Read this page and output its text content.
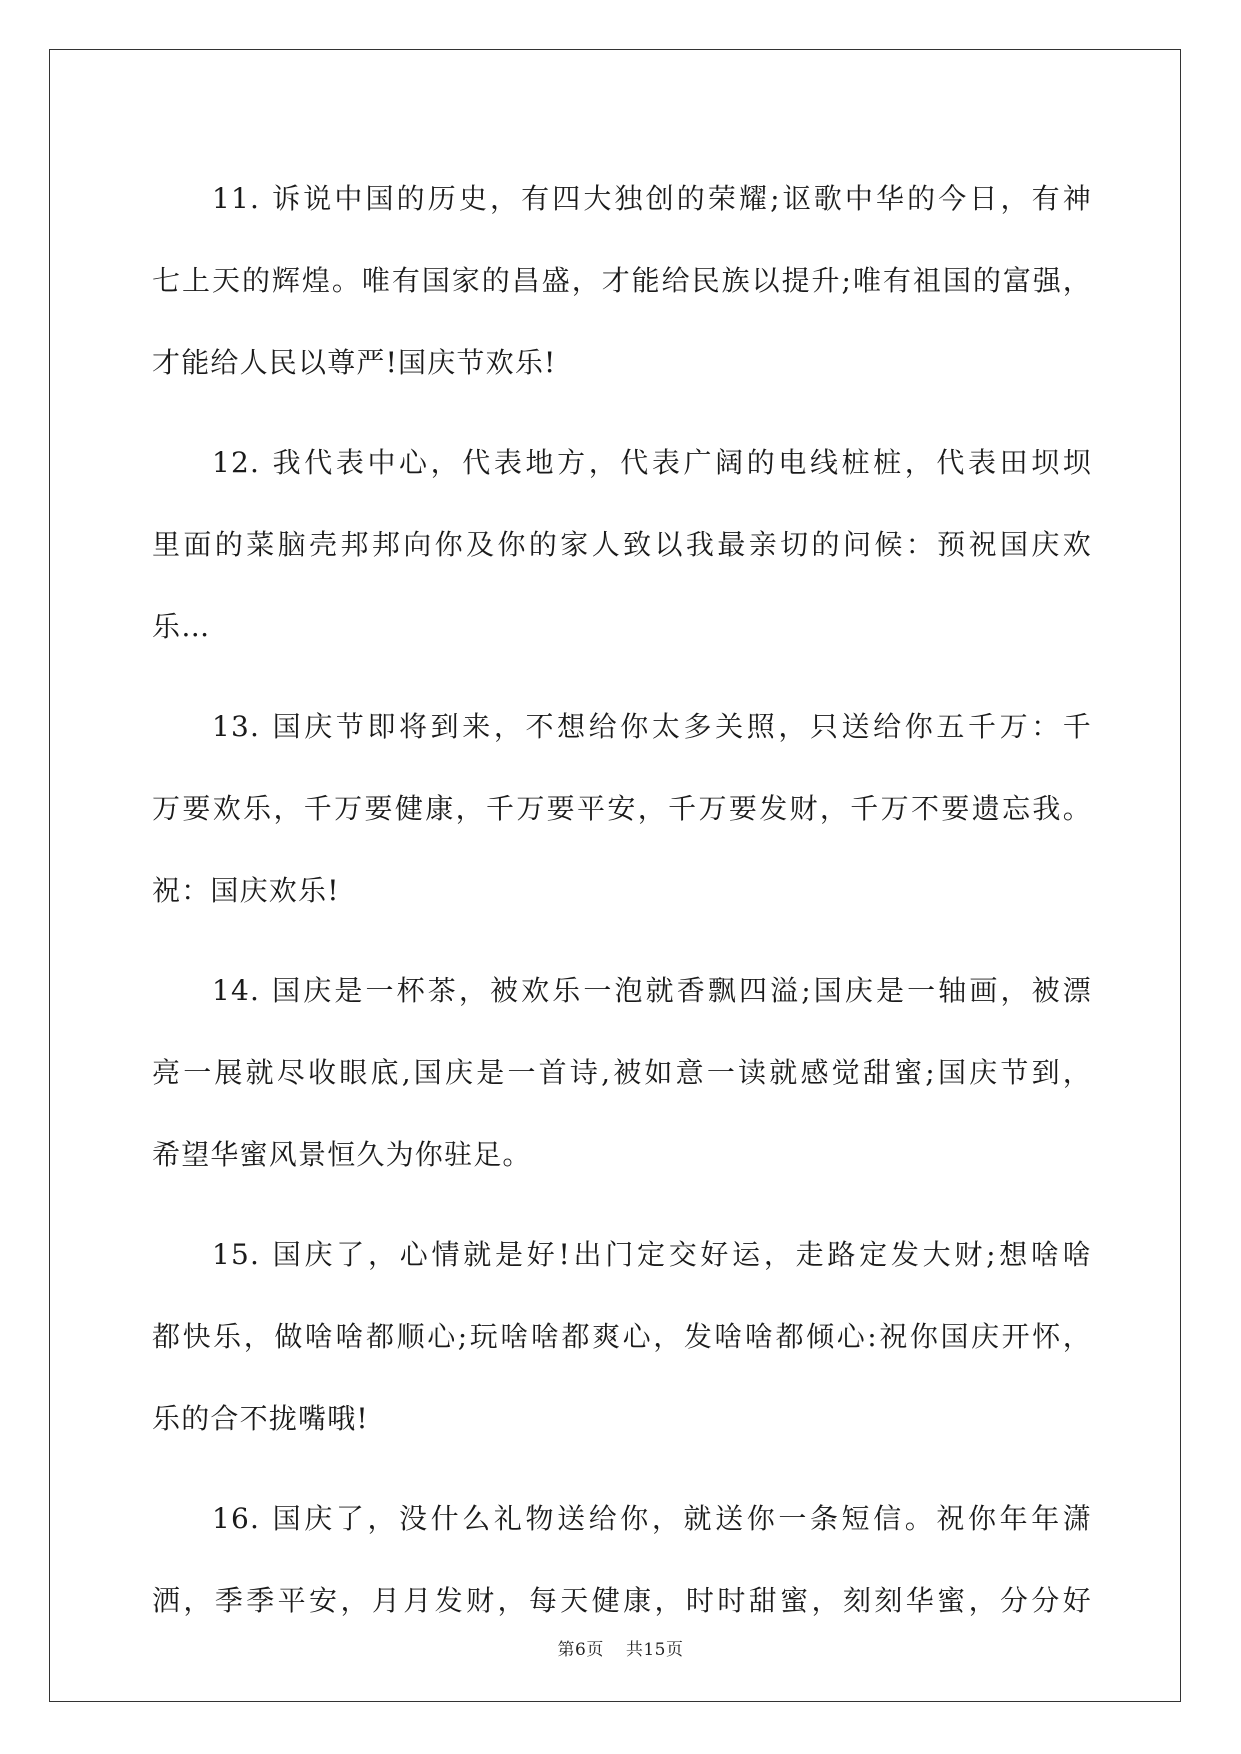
11. 诉说中国的历史，有四大独创的荣耀;讴歌中华的今日，有神
七上天的辉煌。唯有国家的昌盛，才能给民族以提升;唯有祖国的富强，
才能给人民以尊严!国庆节欢乐!
12. 我代表中心，代表地方，代表广阔的电线桩桩，代表田坝坝
里面的菜脑壳邦邦向你及你的家人致以我最亲切的问候：预祝国庆欢
乐…
13. 国庆节即将到来，不想给你太多关照，只送给你五千万：千
万要欢乐，千万要健康，千万要平安，千万要发财，千万不要遗忘我。
祝：国庆欢乐!
14. 国庆是一杯茶，被欢乐一泡就香飘四溢;国庆是一轴画，被漂
亮一展就尽收眼底,国庆是一首诗,被如意一读就感觉甜蜜;国庆节到，
希望华蜜风景恒久为你驻足。
15. 国庆了，心情就是好!出门定交好运，走路定发大财;想啥啥
都快乐，做啥啥都顺心;玩啥啥都爽心，发啥啥都倾心:祝你国庆开怀，
乐的合不拢嘴哦!
16. 国庆了，没什么礼物送给你，就送你一条短信。祝你年年潇
洒，季季平安，月月发财，每天健康，时时甜蜜，刻刻华蜜，分分好
第6页 共15页
